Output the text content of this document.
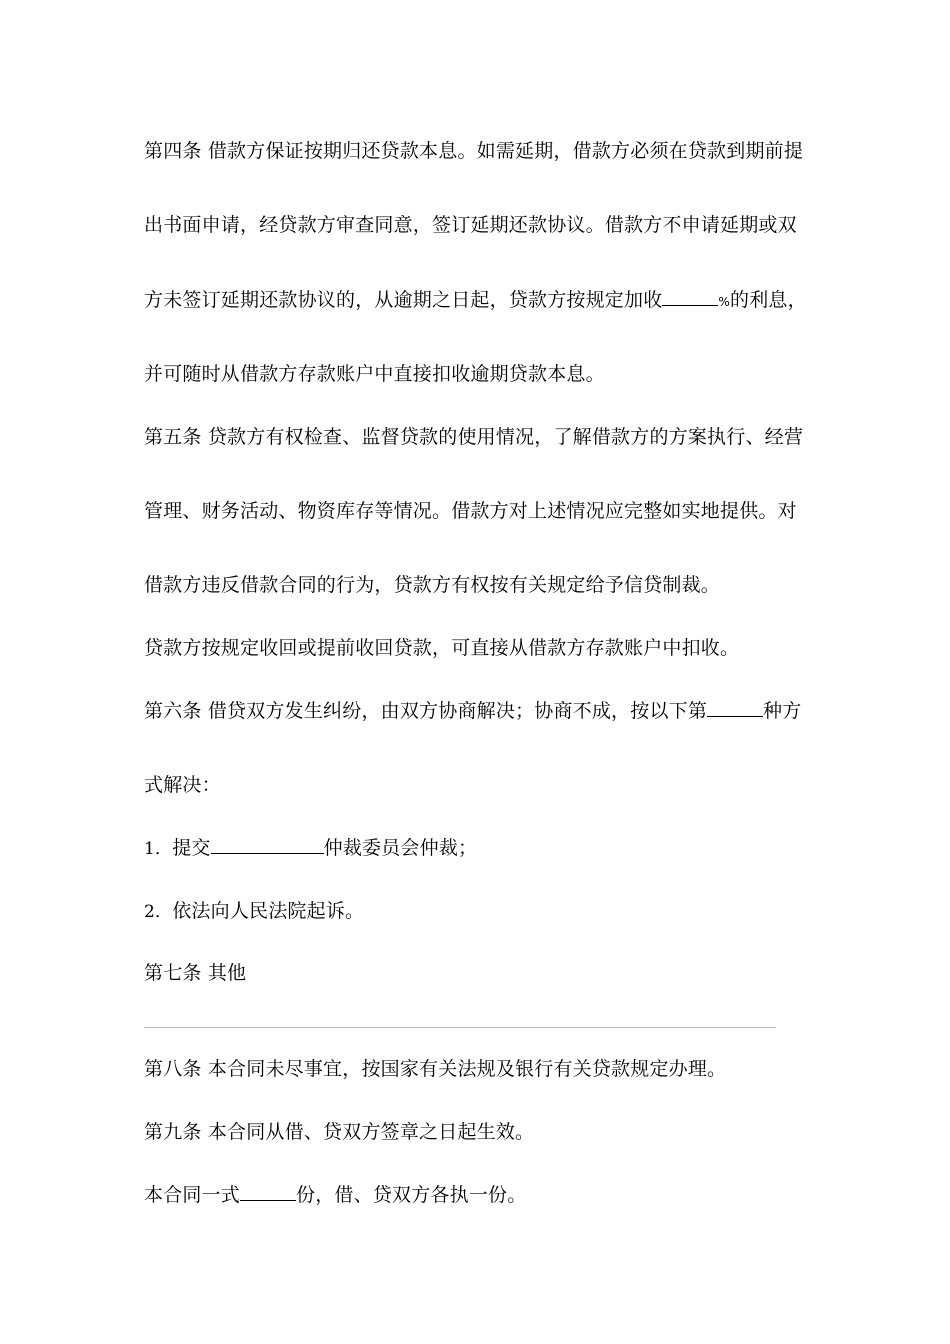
第四条 借款方保证按期归还贷款本息。如需延期，借款方必须在贷款到期前提
出书面申请，经贷款方审查同意，签订延期还款协议。借款方不申请延期或双
方未签订延期还款协议的，从逾期之日起，贷款方按规定加收	%的利息，
并可随时从借款方存款账户中直接扣收逾期贷款本息。
第五条 贷款方有权检查、监督贷款的使用情况，了解借款方的方案执行、经营
管理、财务活动、物资库存等情况。借款方对上述情况应完整如实地提供。对
借款方违反借款合同的行为，贷款方有权按有关规定给予信贷制裁。
贷款方按规定收回或提前收回贷款，可直接从借款方存款账户中扣收。
第六条 借贷双方发生纠纷，由双方协商解决；协商不成，按以下第	种方
式解决：
1．提交	仲裁委员会仲裁；
2．依法向人民法院起诉。
第七条 其他
第八条 本合同未尽事宜，按国家有关法规及银行有关贷款规定办理。
第九条 本合同从借、贷双方签章之日起生效。
本合同一式	份，借、贷双方各执一份。
